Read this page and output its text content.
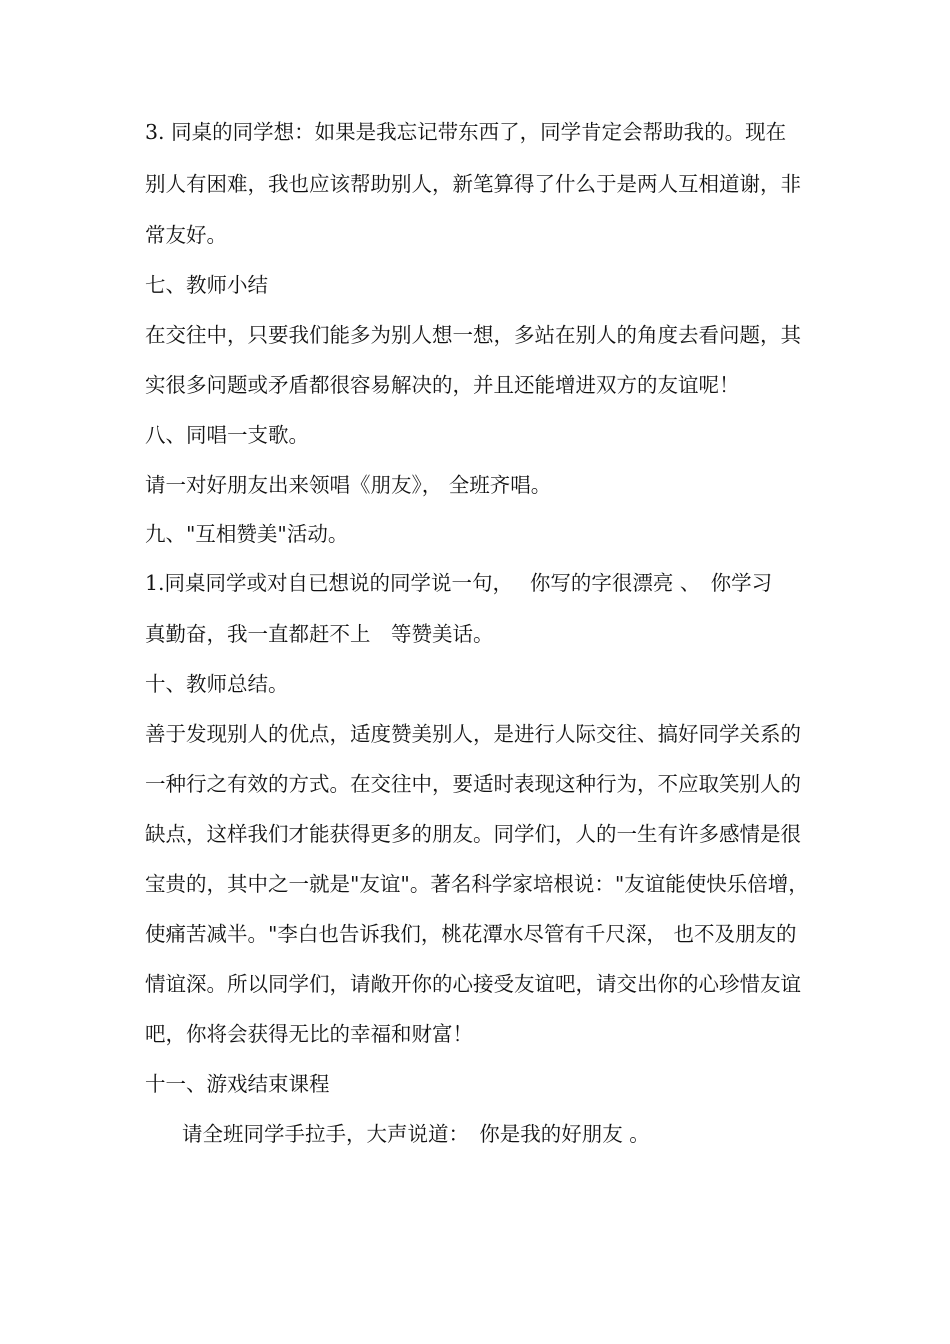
3. 同桌的同学想：如果是我忘记带东西了，同学肯定会帮助我的。现在
别人有困难，我也应该帮助别人，新笔算得了什么于是两人互相道谢，非
常友好。
七、教师小结
在交往中，只要我们能多为别人想一想，多站在别人的角度去看问题，其
实很多问题或矛盾都很容易解决的，并且还能增进双方的友谊呢！
八、同唱一支歌。
请一对好朋友出来领唱《朋友》， 全班齐唱。
九、"互相赞美"活动。
1.同桌同学或对自已想说的同学说一句，　 你写的字很漂亮 、　你学习
真勤奋，我一直都赶不上　等赞美话。
十、教师总结。
善于发现别人的优点，适度赞美别人，是进行人际交往、搞好同学关系的
一种行之有效的方式。在交往中，要适时表现这种行为，不应取笑别人的
缺点，这样我们才能获得更多的朋友。同学们，人的一生有许多感情是很
宝贵的，其中之一就是"友谊"。著名科学家培根说："友谊能使快乐倍增，
使痛苦减半。"李白也告诉我们，桃花潭水尽管有千尺深， 也不及朋友的
情谊深。所以同学们，请敞开你的心接受友谊吧，请交出你的心珍惜友谊
吧，你将会获得无比的幸福和财富！
十一、游戏结束课程
请全班同学手拉手，大声说道：　你是我的好朋友 。
